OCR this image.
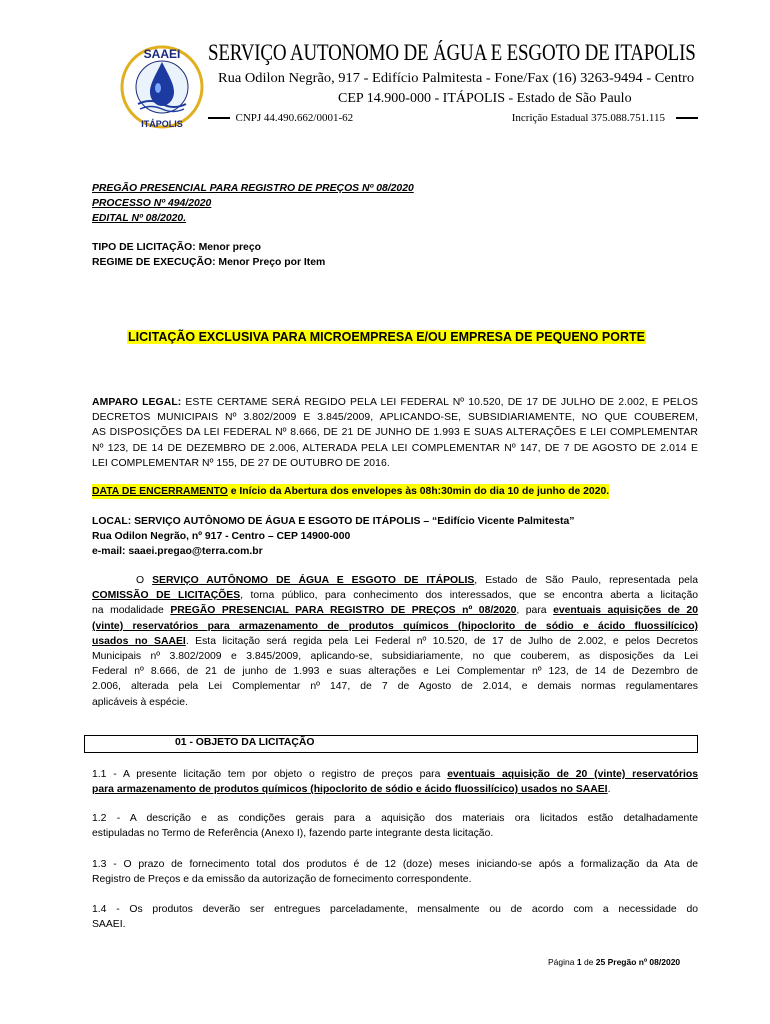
SAAEI
ITÁPOLIS
SERVIÇO AUTONOMO DE ÁGUA E ESGOTO DE ITAPOLIS
Rua Odilon Negrão, 917 - Edifício Palmitesta - Fone/Fax (16) 3263-9494 - Centro
CEP 14.900-000 - ITÁPOLIS - Estado de São Paulo
CNPJ 44.490.662/0001-62	Incrição Estadual 375.088.751.115
PREGÃO PRESENCIAL PARA REGISTRO DE PREÇOS Nº 08/2020
PROCESSO Nº 494/2020
EDITAL Nº 08/2020.
TIPO DE LICITAÇÃO: Menor preço
REGIME DE EXECUÇÃO: Menor Preço por Item
LICITAÇÃO EXCLUSIVA PARA MICROEMPRESA E/OU EMPRESA DE PEQUENO PORTE
AMPARO LEGAL: ESTE CERTAME SERÁ REGIDO PELA LEI FEDERAL Nº 10.520, DE 17 DE JULHO DE 2.002, E PELOS
DECRETOS MUNICIPAIS Nº 3.802/2009 E 3.845/2009, APLICANDO-SE, SUBSIDIARIAMENTE, NO QUE COUBEREM,
AS DISPOSIÇÕES DA LEI FEDERAL Nº 8.666, DE 21 DE JUNHO DE 1.993 E SUAS ALTERAÇÕES E LEI COMPLEMENTAR
Nº 123, DE 14 DE DEZEMBRO DE 2.006, ALTERADA PELA LEI COMPLEMENTAR Nº 147, DE 7 DE AGOSTO DE 2.014 E
LEI COMPLEMENTAR Nº 155, DE 27 DE OUTUBRO DE 2016.
DATA DE ENCERRAMENTO e Início da Abertura dos envelopes às 08h:30min do dia 10 de junho de 2020.
LOCAL: SERVIÇO AUTÔNOMO DE ÁGUA E ESGOTO DE ITÁPOLIS – “Edifício Vicente Palmitesta”
Rua Odilon Negrão, nº 917 - Centro – CEP 14900-000
e-mail: saaei.pregao@terra.com.br
O SERVIÇO AUTÔNOMO DE ÁGUA E ESGOTO DE ITÁPOLIS, Estado de São Paulo, representada pela
COMISSÃO DE LICITAÇÕES, torna público, para conhecimento dos interessados, que se encontra aberta a licitação
na modalidade PREGÃO PRESENCIAL PARA REGISTRO DE PREÇOS nº 08/2020, para eventuais aquisições de 20
(vinte) reservatórios para armazenamento de produtos químicos (hipoclorito de sódio e ácido fluossilícico)
usados no SAAEI. Esta licitação será regida pela Lei Federal nº 10.520, de 17 de Julho de 2.002, e pelos Decretos
Municipais nº 3.802/2009 e 3.845/2009, aplicando-se, subsidiariamente, no que couberem, as disposições da Lei
Federal nº 8.666, de 21 de junho de 1.993 e suas alterações e Lei Complementar nº 123, de 14 de Dezembro de
2.006, alterada pela Lei Complementar nº 147, de 7 de Agosto de 2.014, e demais normas regulamentares
aplicáveis à espécie.
01 - OBJETO DA LICITAÇÃO
1.1 - A presente licitação tem por objeto o registro de preços para eventuais aquisição de 20 (vinte) reservatórios
para armazenamento de produtos químicos (hipoclorito de sódio e ácido fluossilícico) usados no SAAEI.
1.2 - A descrição e as condições gerais para a aquisição dos materiais ora licitados estão detalhadamente
estipuladas no Termo de Referência (Anexo I), fazendo parte integrante desta licitação.
1.3 - O prazo de fornecimento total dos produtos é de 12 (doze) meses iniciando-se após a formalização da Ata de
Registro de Preços e da emissão da autorização de fornecimento correspondente.
1.4 - Os produtos deverão ser entregues parceladamente, mensalmente ou de acordo com a necessidade do
SAAEI.
Página 1 de 25 Pregão nº 08/2020
